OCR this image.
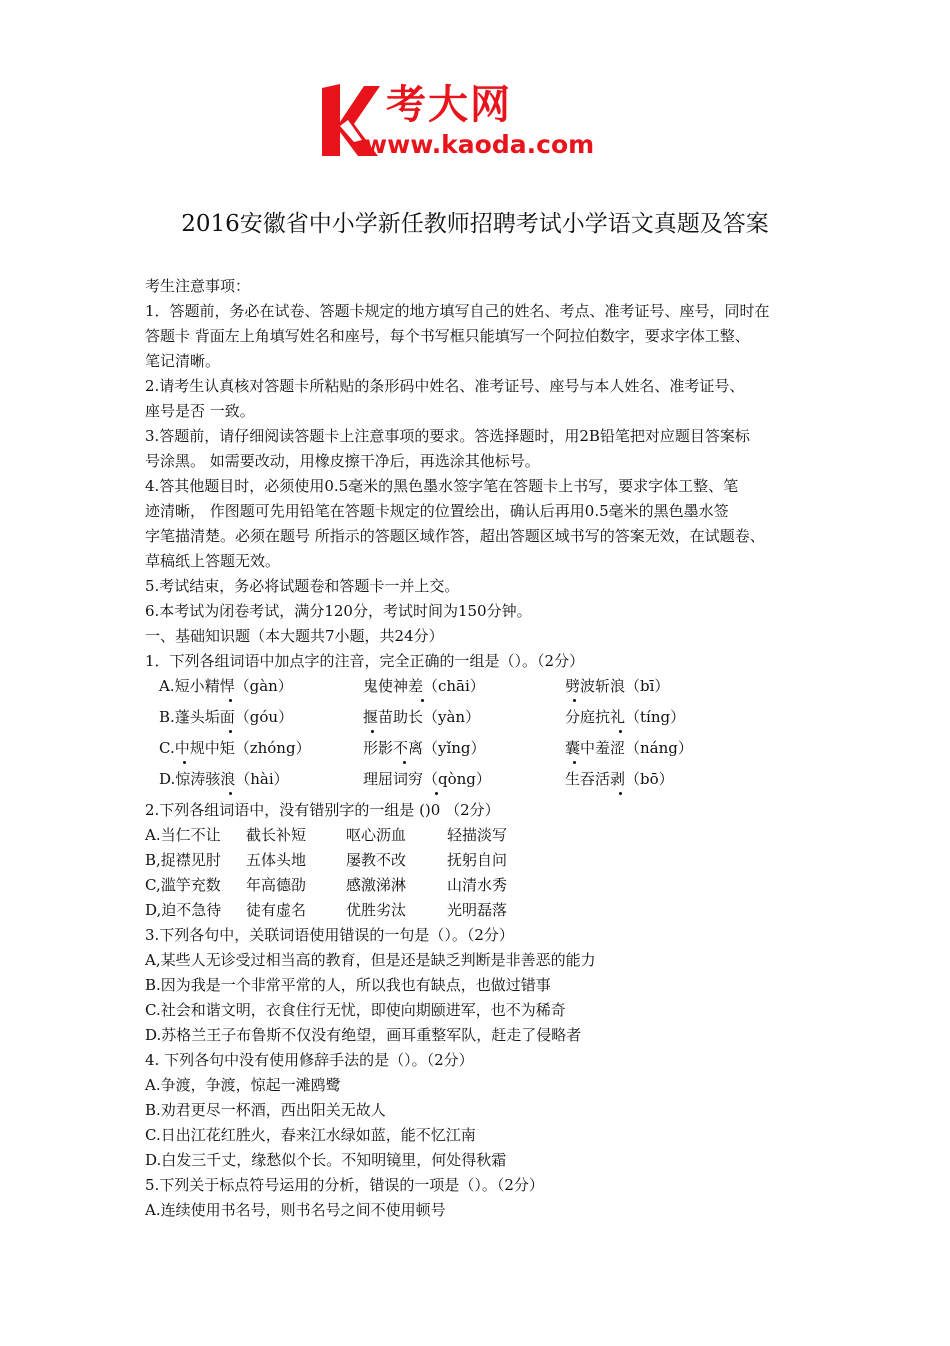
考大网
www.kaoda.com
2016安徽省中小学新任教师招聘考试小学语文真题及答案
考生注意事项：
1．答题前，务必在试卷、答题卡规定的地方填写自己的姓名、考点、准考证号、座号，同时在
答题卡 背面左上角填写姓名和座号，每个书写框只能填写一个阿拉伯数字，要求字体工整、
笔记清晰。
2.请考生认真核对答题卡所粘贴的条形码中姓名、准考证号、座号与本人姓名、准考证号、
座号是否 一致。
3.答题前，请仔细阅读答题卡上注意事项的要求。答选择题时，用2B铅笔把对应题目答案标
号涂黑。 如需要改动，用橡皮擦干净后，再选涂其他标号。
4.答其他题目时，必须使用0.5毫米的黑色墨水签字笔在答题卡上书写，要求字体工整、笔
迹清晰， 作图题可先用铅笔在答题卡规定的位置绘出，确认后再用0.5毫米的黑色墨水签
字笔描清楚。必须在题号 所指示的答题区域作答，超出答题区域书写的答案无效，在试题卷、
草稿纸上答题无效。
5.考试结束，务必将试题卷和答题卡一并上交。
6.本考试为闭卷考试，满分120分，考试时间为150分钟。
一、基础知识题（本大题共7小题，共24分）
1．下列各组词语中加点字的注音，完全正确的一组是（）。（2分）
A.短小精悍（gàn）	鬼使神差（chāi）	劈波斩浪（bī）
B.蓬头垢面（góu）	揠苗助长（yàn）	分庭抗礼（tíng）
C.中规中矩（zhóng）	形影不离（yǐng）	囊中羞涩（náng）
D.惊涛骇浪（hài）	理屈词穷（qòng）	生吞活剥（bō）
2.下列各组词语中，没有错别字的一组是 ()0 （2分）
A.当仁不让 截长补短	呕心沥血	轻描淡写
B,捉襟见肘 五体头地	屡教不改	抚躬自问
C,滥竽充数 年高德劭	感激涕淋	山清水秀
D,迫不急待 徒有虚名	优胜劣汰	光明磊落
3.下列各句中，关联词语使用错误的一句是（）。（2分）
A,某些人无诊受过相当高的教育，但是还是缺乏判断是非善恶的能力
B.因为我是一个非常平常的人，所以我也有缺点，也做过错事
C.社会和谐文明，衣食住行无忧，即使向期颐进军，也不为稀奇
D.苏格兰王子布鲁斯不仅没有绝望，画耳重整军队，赶走了侵略者
4. 下列各句中没有使用修辞手法的是（）。（2分）
A.争渡，争渡，惊起一滩鸥鹭
B.劝君更尽一杯酒，西出阳关无故人
C.日出江花红胜火，春来江水绿如蓝，能不忆江南
D.白发三千丈，缘愁似个长。不知明镜里，何处得秋霜
5.下列关于标点符号运用的分析，错误的一项是（）。（2分）
A.连续使用书名号，则书名号之间不使用顿号
